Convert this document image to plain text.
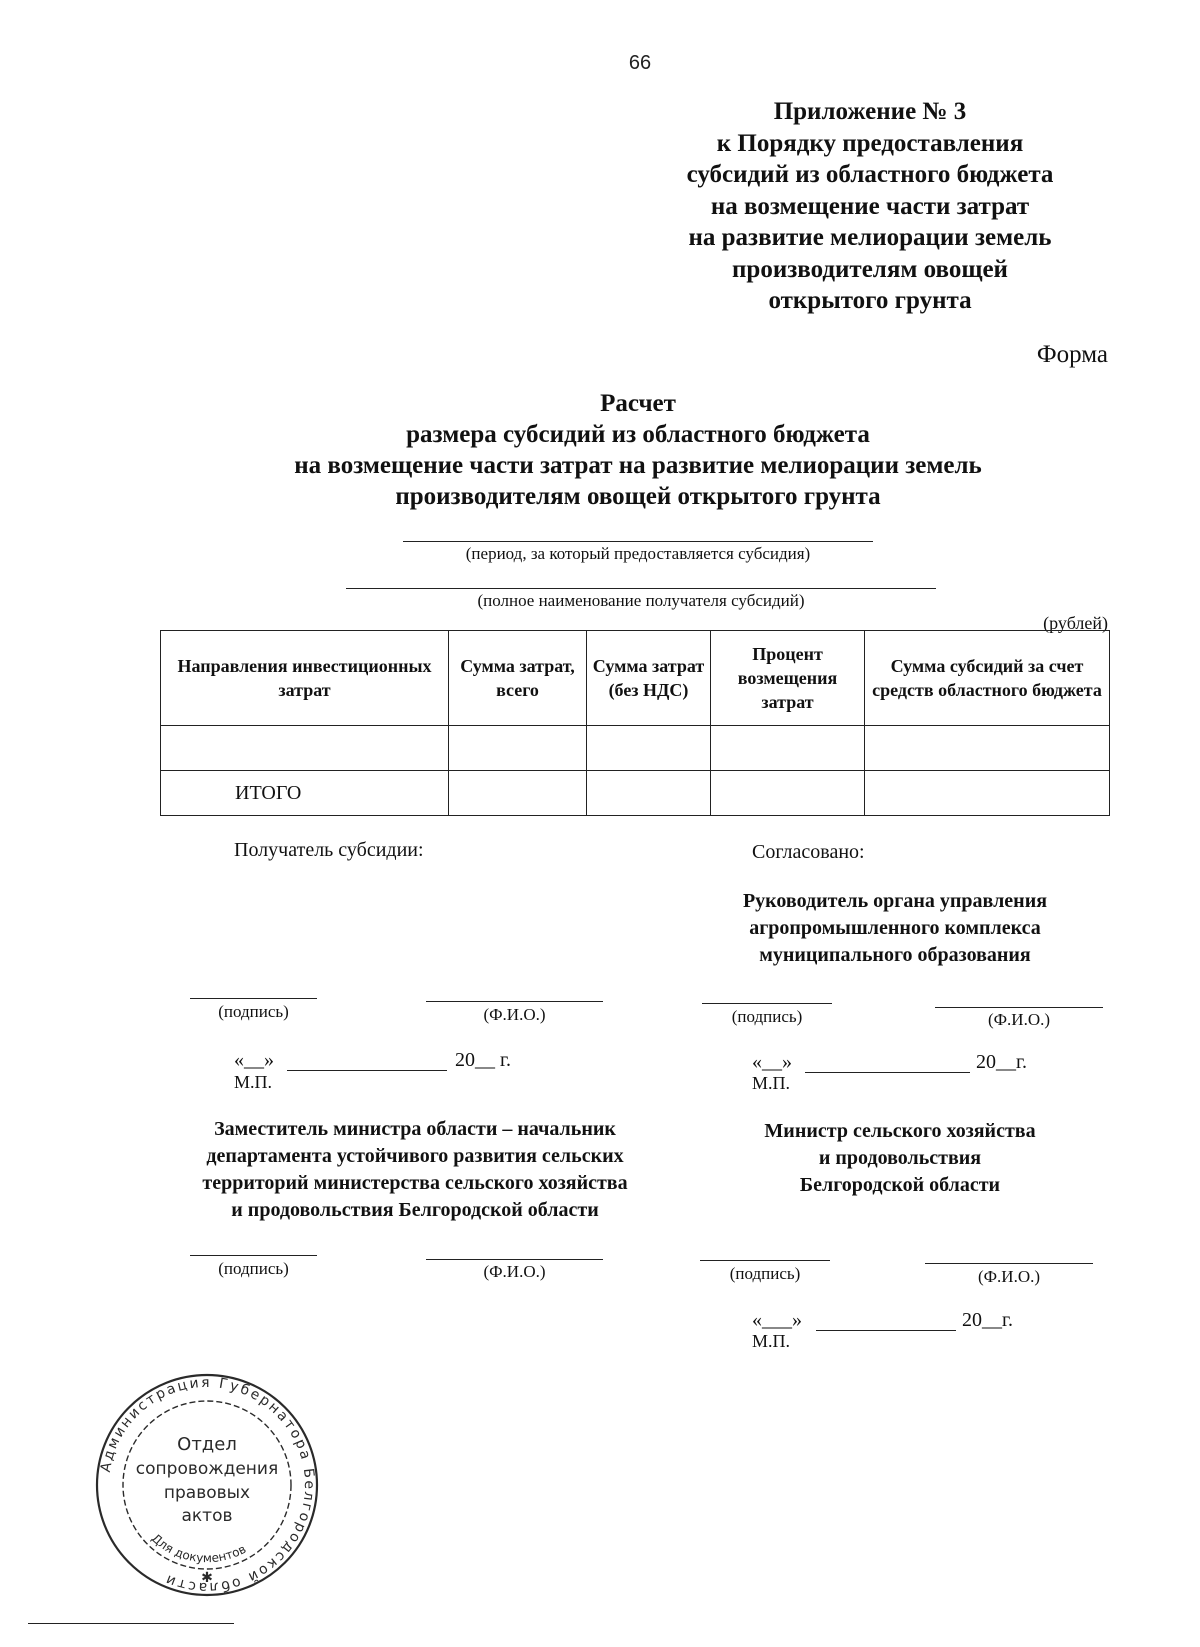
66
Приложение № 3
к Порядку предоставления
субсидий из областного бюджета
на возмещение части затрат
на развитие мелиорации земель
производителям овощей
открытого грунта
Форма
Расчет
размера субсидий из областного бюджета
на возмещение части затрат на развитие мелиорации земель
производителям овощей открытого грунта
(период, за который предоставляется субсидия)
(полное наименование получателя субсидий)
(рублей)
Направления инвестиционных затрат	Сумма затрат, всего	Сумма затрат (без НДС)	Процент возмещения затрат	Сумма субсидий за счет средств областного бюджета

ИТОГО				
Получатель субсидии:	Согласовано:
Руководитель органа управления
агропромышленного комплекса
муниципального образования
(подпись)	(Ф.И.О.)	(подпись)	(Ф.И.О.)
«__»	20__ г.
М.П.
«__»	20__г.
М.П.
Заместитель министра области – начальник
департамента устойчивого развития сельских
территорий министерства сельского хозяйства
и продовольствия Белгородской области
Министр сельского хозяйства
и продовольствия
Белгородской области
(подпись)	(Ф.И.О.)	(подпись)	(Ф.И.О.)
«___»	20__г.
М.П.
Администрация Губернатора Белгородской области
Отдел
сопровождения
правовых
актов
Для документов
✱
